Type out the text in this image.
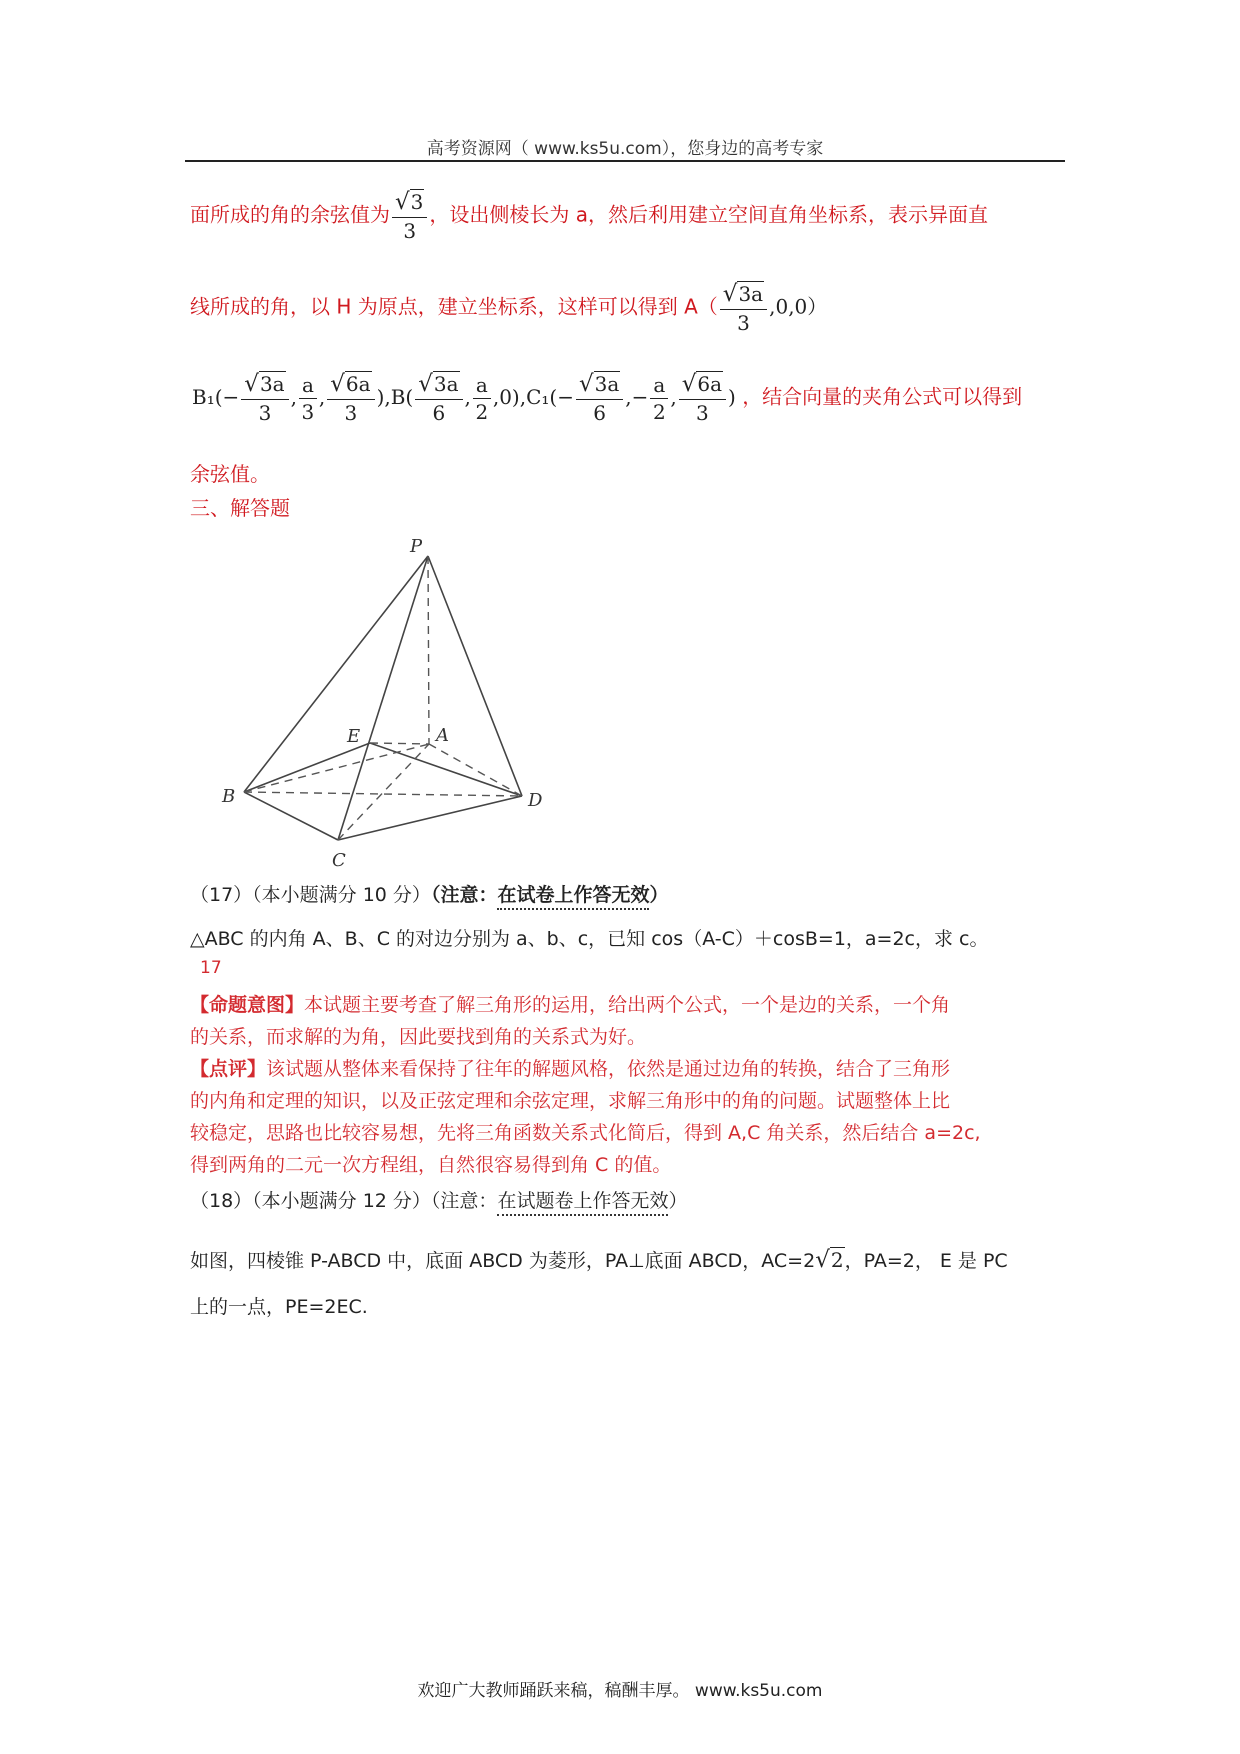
高考资源网（ www.ks5u.com），您身边的高考专家
面所成的角的余弦值为 $\frac{√3}{3}$ ，设出侧棱长为 a，然后利用建立空间直角坐标系，表示异面直
线所成的角，以 H 为原点，建立坐标系，这样可以得到 $A( \frac{√3a}{3} ,0,0)$
$B_1(- \frac{√3a}{3}$ , $\frac{a}{3}$ , $\frac{√6a}{3} ),B( \frac{√3a}{6}$ , $\frac{a}{2} ,0),C_1(- \frac{√3a}{6}$ ,− $\frac{a}{2}$ , $\frac{√6a}{3}$ ) ，结合向量的夹角公式可以得到
余弦值。
三、解答题
P
E	A
B	D
C
（17）（本小题满分 10 分）（注意：在试卷上作答无效）
△ABC 的内角 A、B、C 的对边分别为 a、b、c，已知 cos（A-C）＋cosB=1，a=2c，求 c。
17
【命题意图】本试题主要考查了解三角形的运用，给出两个公式，一个是边的关系，一个角
的关系，而求解的为角，因此要找到角的关系式为好。
【点评】该试题从整体来看保持了往年的解题风格，依然是通过边角的转换，结合了三角形
的内角和定理的知识，以及正弦定理和余弦定理，求解三角形中的角的问题。试题整体上比
较稳定，思路也比较容易想，先将三角函数关系式化简后，得到 A,C 角关系，然后结合 a=2c,
得到两角的二元一次方程组，自然很容易得到角 C 的值。
（18）（本小题满分 12 分）（注意：在试题卷上作答无效）
如图，四棱锥 P-ABCD 中，底面 ABCD 为菱形，PA⊥底面 ABCD，AC=2√2，PA=2， E 是 PC
上的一点，PE=2EC.
欢迎广大教师踊跃来稿，稿酬丰厚。 www.ks5u.com
